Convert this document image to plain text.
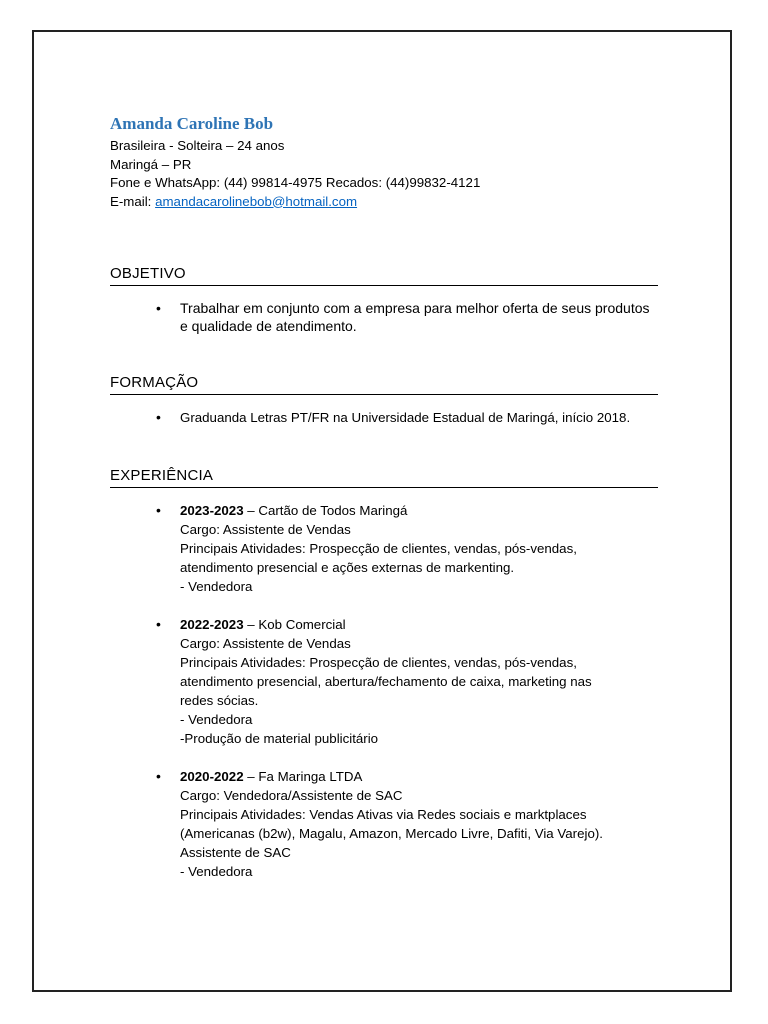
Amanda Caroline Bob
Brasileira - Solteira – 24 anos
Maringá – PR
Fone e WhatsApp: (44) 99814-4975 Recados: (44)99832-4121
E-mail: amandacarolinebob@hotmail.com
OBJETIVO
• Trabalhar em conjunto com a empresa para melhor oferta de seus produtos
e qualidade de atendimento.
FORMAÇÃO
• Graduanda Letras PT/FR na Universidade Estadual de Maringá, início 2018.
EXPERIÊNCIA
• 2023-2023 – Cartão de Todos Maringá
Cargo: Assistente de Vendas
Principais Atividades: Prospecção de clientes, vendas, pós-vendas,
atendimento presencial e ações externas de markenting.
- Vendedora
• 2022-2023 – Kob Comercial
Cargo: Assistente de Vendas
Principais Atividades: Prospecção de clientes, vendas, pós-vendas,
atendimento presencial, abertura/fechamento de caixa, marketing nas
redes sócias.
- Vendedora
-Produção de material publicitário
• 2020-2022 – Fa Maringa LTDA
Cargo: Vendedora/Assistente de SAC
Principais Atividades: Vendas Ativas via Redes sociais e marktplaces
(Americanas (b2w), Magalu, Amazon, Mercado Livre, Dafiti, Via Varejo).
Assistente de SAC
- Vendedora
